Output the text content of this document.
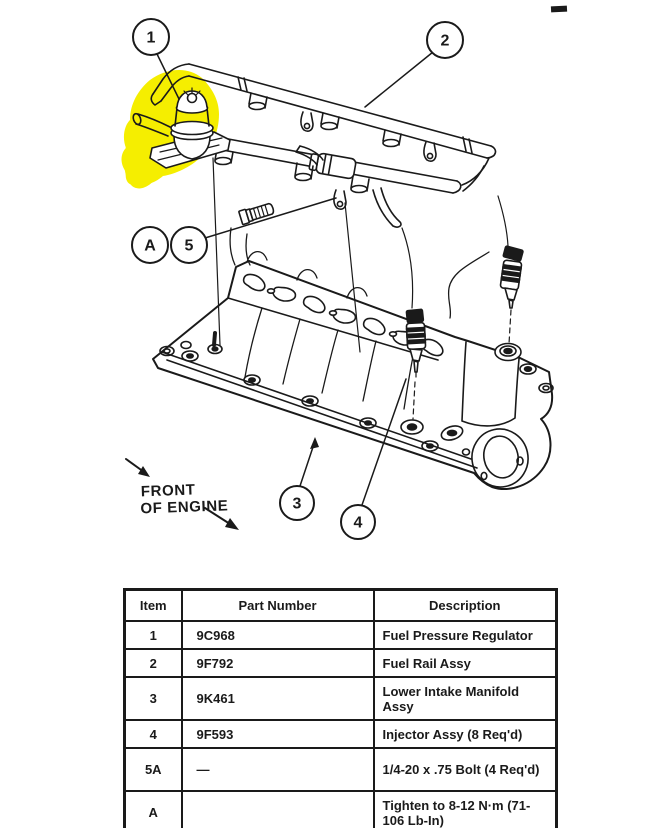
1	2
A 5
3
4
FRONT
OF ENGINE
Item	Part Number	Description
1	9C968	Fuel Pressure Regulator
2	9F792	Fuel Rail Assy
3	9K461	Lower Intake Manifold Assy
4	9F593	Injector Assy (8 Req'd)
5A	—	1/4-20 x .75 Bolt (4 Req'd)
A		Tighten to 8-12 N·m (71-106 Lb-In)
